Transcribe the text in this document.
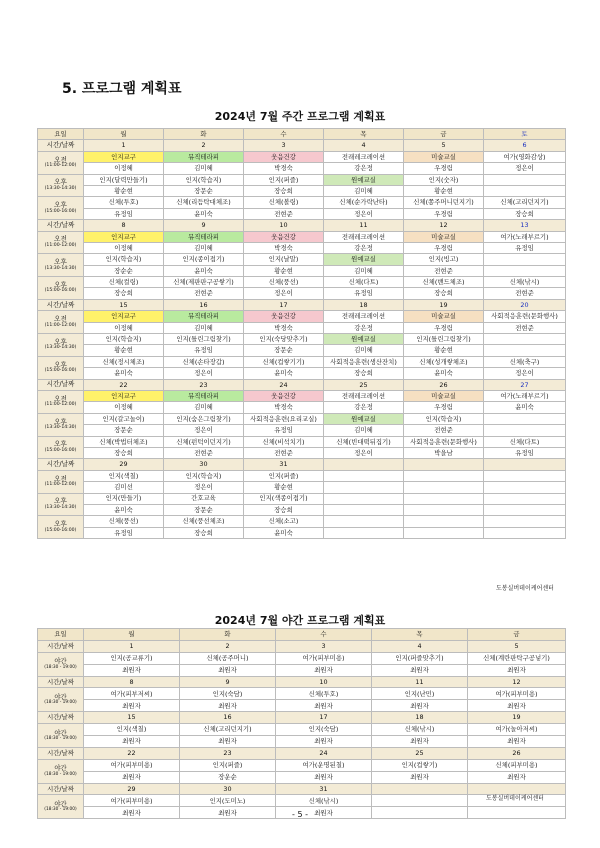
5. 프로그램 계획표
2024년 7월 주간 프로그램 계획표
요일	월	화	수	목	금	토
시간/날짜	1	2	3	4	5	6
오전
(11:00-12:00)	인지교구	뮤직테라피	웃음건강	전래레크레이션	미술교실	여가(영화감상)
	이정혜	김미혜	박경숙	강은정	우경림	정은이
오후
(13:30-14:30)	인지(달력만들기)	인지(학습지)	인지(퍼즐)	원예교실	인지(숫자)	
	황순현	장문순	장승희	김미혜	황순현	
오후
(15:00-16:00)	신체(투호)	신체(리듬탁대체조)	신체(볼링)	신체(순가락난타)	신체(쫑주머니던지기)	신체(고리던지기)
	유정임	윤미숙	전현준	정은이	우경림	장승희
시간/날짜	8	9	10	11	12	13
오전
(11:00-12:00)	인지교구	뮤직테라피	웃음건강	전래레크레이션	미술교실	여가(노래부르기)
	이정혜	김미혜	박경숙	강은정	우경림	유정임
오후
(13:30-14:30)	인지(학습지)	인지(종이접기)	인지(날말)	원예교실	인지(빙고)	
	장순순	윤미숙	황순현	김미혜	전현준	
오후
(15:00-16:00)	신체(컬링)	신체(제판판구공쌓기)	신체(풍선)	신체(다트)	신체(밴드체조)	신체(낚시)
	장승희	전현준	정은이	유정임	장승희	전현준
시간/날짜	15	16	17	18	19	20
오전
(11:00-12:00)	인지교구	뮤직테라피	웃음건강	전래레크레이션	미술교실	사회적응훈련(문화행사)
	이정혜	김미혜	박경숙	강은정	우경림	전현준
오후
(13:30-14:30)	인지(학습지)	인지(틀린그림찾기)	인지(숙당맞추기)	원예교실	인지(틀린그림찾기)	
	황순현	유정임	장문순	김미혜	황순현	
오후
(15:00-16:00)	신체(정시체조)	신체(손타장갑)	신체(컵쌓기기)	사회적응훈련(생산잔치)	신체(성개쌓체조)	신체(축구)
	윤미숙	정은이	윤미숙	장승희	윤미숙	정은이
시간/날짜	22	23	24	25	26	27
오전
(11:00-12:00)	인지교구	뮤직테라피	웃음건강	전래레크레이션	미술교실	여가(노래부르기)
	이정혜	김미혜	박경숙	강은정	우경림	윤미숙
오후
(13:30-14:30)	인지(갈고놀이)	인지(숨은그림찾기)	사회적응훈련(요리교실)	원예교실	인지(학습지)	
	장문순	정은이	유정임	김미혜	전현준	
오후
(15:00-16:00)	신체(박법터체조)	신체(펀턱이던지기)	신체(비석치기)	신체(빈대떡뒤집기)	사회적응훈련(문화행사)	신체(다트)
	장승희	전현준	전현준	정은이	박을남	유정임
시간/날짜	29	30	31			
오전
(11:00-12:00)	인지(색칠)	인지(학습지)	인지(퍼즐)			
	김미선	정은이	황순현			
오후
(13:30-14:30)	인지(만들기)	간호교육	인지(색종이접기)			
	윤미숙	장문순	장승희			
오후
(15:00-16:00)	신체(풍선)	신체(풍선체조)	신체(소고)			
	유정임	장승희	윤미숙			
도봉실버데이케어센터
2024년 7월 야간 프로그램 계획표
요일	월	화	수	목	금
시간/날짜	1	2	3	4	5
야간
(18:30 - 19:00)	인지(공교류기)	신체(공주머니)	여가(피부미용)	인지(퍼즐맞추기)	신체(계란판탁구공넣기)
	최원자	최원자	최원자	최원자	최원자
시간/날짜	8	9	10	11	12
야간
(18:30 - 19:00)	여가(피부저씨)	인지(숙담)	신체(투호)	인지(난민)	여가(피부미용)
	최원자	최원자	최원자	최원자	최원자
시간/날짜	15	16	17	18	19
야간
(18:30 - 19:00)	인지(색칠)	신체(고리던지기)	인지(숙담)	신체(낚시)	여가(놀아저씨)
	최원자	최원자	최원자	최원자	최원자
시간/날짜	22	23	24	25	26
야간
(18:30 - 19:00)	여가(피부미용)	인지(퍼즐)	여가(운명된칠)	인지(컵쌓기)	신체(피부미용)
	최원자	장운순	최원자	최원자	최원자
시간/날짜	29	30	31		
야간
(18:30 - 19:00)	여가(피부미용)	인지(도미노)	신체(낚시)		
	최원자	최원자	최원자		
도봉실버데이케어센터
- 5 -
